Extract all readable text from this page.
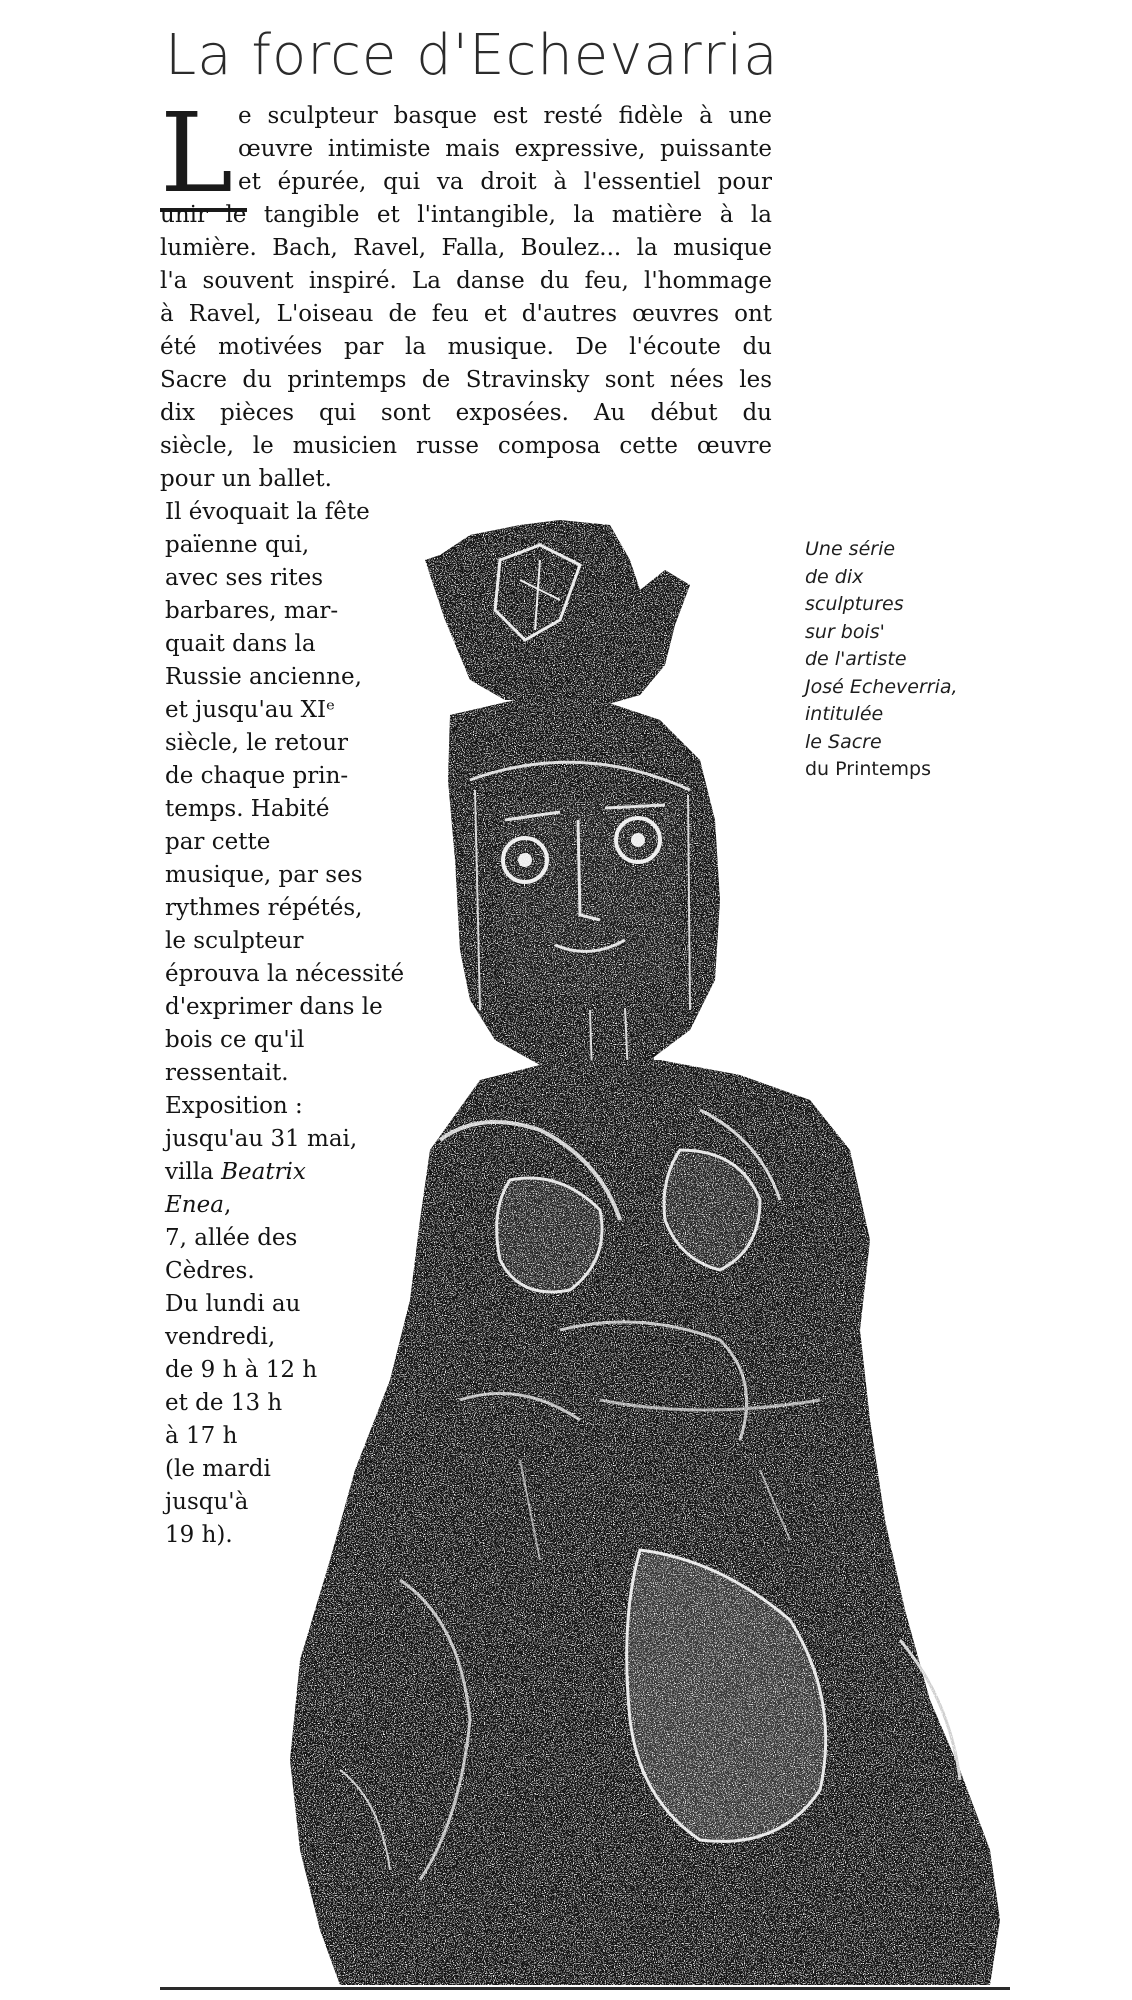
La force d'Echevarria
L e sculpteur basque est resté fidèle à une
œuvre intimiste mais expressive, puissante
et épurée, qui va droit à l'essentiel pour
unir le tangible et l'intangible, la matière à la
lumière. Bach, Ravel, Falla, Boulez... la musique
l'a souvent inspiré. La danse du feu, l'hommage
à Ravel, L'oiseau de feu et d'autres œuvres ont
été motivées par la musique. De l'écoute du
Sacre du printemps de Stravinsky sont nées les
dix pièces qui sont exposées. Au début du
siècle, le musicien russe composa cette œuvre
pour un ballet.
Il évoquait la fête
païenne qui,
avec ses rites
barbares, mar-
quait dans la
Russie ancienne,
et jusqu'au XIᵉ
siècle, le retour
de chaque prin-
temps. Habité
par cette
musique, par ses
rythmes répétés,
le sculpteur
éprouva la nécessité
d'exprimer dans le
bois ce qu'il
ressentait.
Exposition :
jusqu'au 31 mai,
villa Beatrix
Enea,
7, allée des
Cèdres.
Du lundi au
vendredi,
de 9 h à 12 h
et de 13 h
à 17 h
(le mardi
jusqu'à
19 h).
Une série
de dix
sculptures
sur bois'
de l'artiste
José Echeverria,
intitulée
le Sacre
du Printemps
